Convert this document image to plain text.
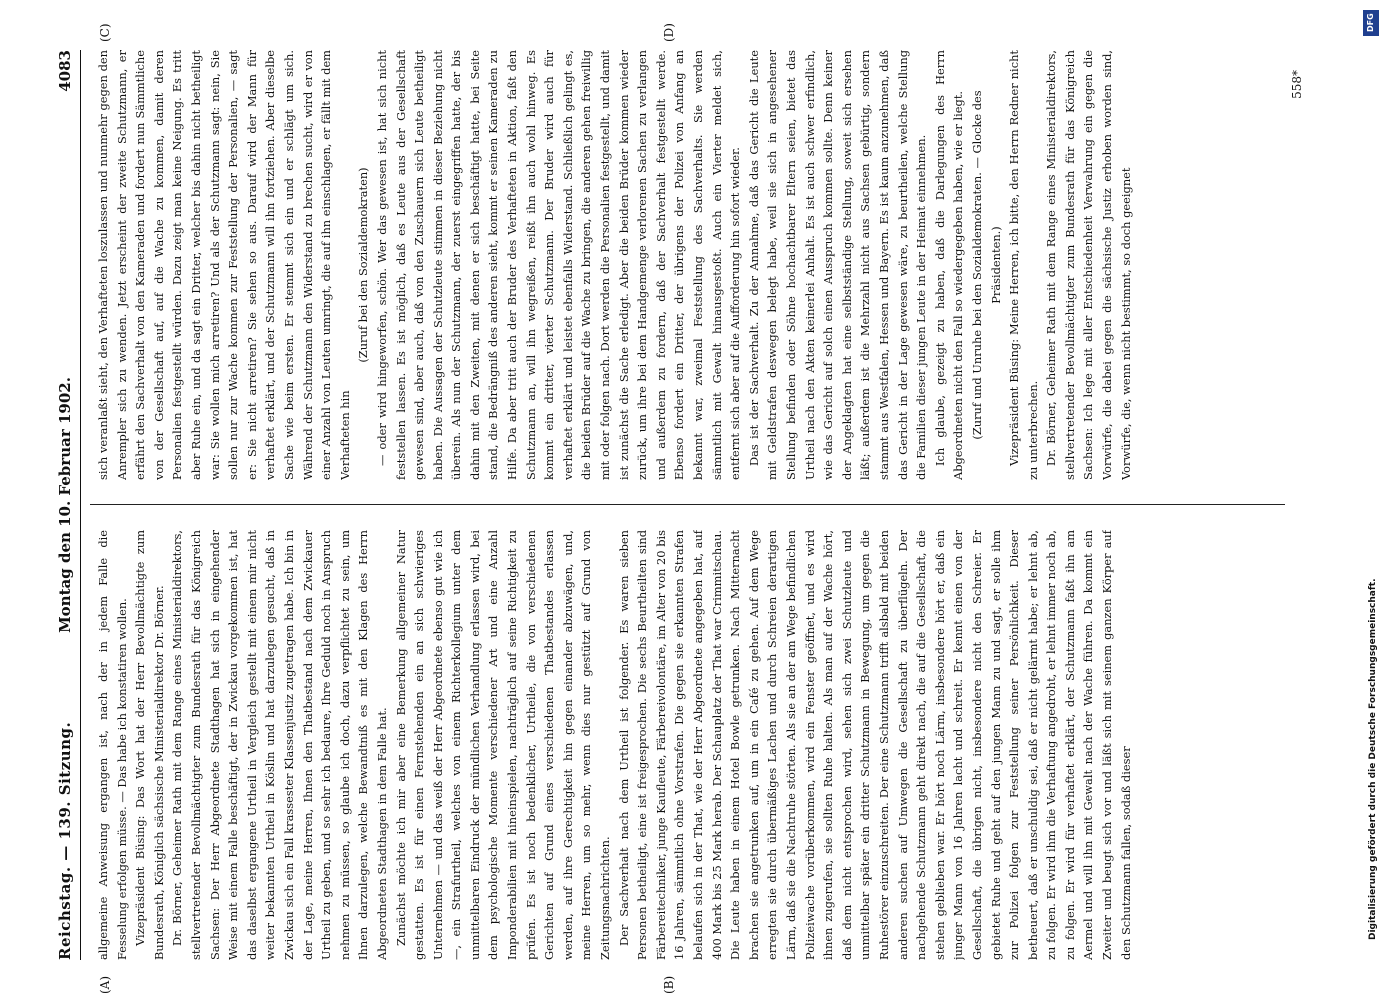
Reichstag. — 139. Sitzung.
Montag den 10. Februar 1902.
4083
(A)	(B)
(C)	(D)

allgemeine Anweisung ergangen ist, nach der in jedem Falle die Fesselung erfolgen müsse. — Das habe ich konstatiren wollen. Vizepräsident Büsing: Das Wort hat der Herr Bevollmächtigte zum Bundesrath, Königlich sächsische Ministerialdirektor Dr. Börner. Dr. Börner, Geheimer Rath mit dem Range eines Ministerialdirektors, stellvertretender Bevollmächtigter zum Bundesrath für das Königreich Sachsen: Der Herr Abgeordnete Stadthagen hat sich in eingehender Weise mit einem Falle beschäftigt, der in Zwickau vorgekommen ist, hat das daselbst ergangene Urtheil in Vergleich gestellt mit einem mir nicht weiter bekannten Urtheil in Köslin und hat darzulegen gesucht, daß in Zwickau sich ein Fall krassester Klassenjustiz zugetragen habe. Ich bin in der Lage, meine Herren, Ihnen den Thatbestand nach dem Zwickauer Urtheil zu geben, und so sehr ich bedaure, Ihre Geduld noch in Anspruch nehmen zu müssen, so glaube ich doch, dazu verpflichtet zu sein, um Ihnen darzulegen, welche Bewandtniß es mit den Klagen des Herrn Abgeordneten Stadthagen in dem Falle hat. Zunächst möchte ich mir aber eine Bemerkung allgemeiner Natur gestatten. Es ist für einen Fernstehenden ein an sich schwieriges Unternehmen — und das weiß der Herr Abgeordnete ebenso gut wie ich —, ein Strafurtheil, welches von einem Richterkollegium unter dem unmittelbaren Eindruck der mündlichen Verhandlung erlassen wird, bei dem psychologische Momente verschiedener Art und eine Anzahl Imponderabilien mit hineinspielen, nachträglich auf seine Richtigkeit zu prüfen. Es ist noch bedenklicher, Urtheile, die von verschiedenen Gerichten auf Grund eines verschiedenen Thatbestandes erlassen werden, auf ihre Gerechtigkeit hin gegen einander abzuwägen, und, meine Herren, um so mehr, wenn dies nur gestützt auf Grund von Zeitungsnachrichten. Der Sachverhalt nach dem Urtheil ist folgender. Es waren sieben Personen betheiligt, eine ist freigesprochen. Die sechs Beurtheilten sind Färbereitechniker, junge Kaufleute, Färbereivolontäre, im Alter von 20 bis 16 Jahren, sämmtlich ohne Vorstrafen. Die gegen sie erkannten Strafen belaufen sich in der That, wie der Herr Abgeordnete angegeben hat, auf 400 Mark bis 25 Mark herab. Der Schauplatz der That war Crimmitschau. Die Leute haben in einem Hotel Bowle getrunken. Nach Mitternacht brachen sie angetrunken auf, um in ein Café zu gehen. Auf dem Wege erregten sie durch übermäßiges Lachen und durch Schreien derartigen Lärm, daß sie die Nachtruhe störten. Als sie an der am Wege befindlichen Polizeiwache vorüberkommen, wird ein Fenster geöffnet, und es wird ihnen zugerufen, sie sollten Ruhe halten. Als man auf der Wache hört, daß dem nicht entsprochen wird, sehen sich zwei Schutzleute und unmittelbar später ein dritter Schutzmann in Bewegung, um gegen die Ruhestörer einzuschreiten. Der eine Schutzmann trifft alsbald mit beiden anderen suchen auf Umwegen die Gesellschaft zu überflügeln. Der nachgehende Schutzmann geht direkt nach, die auf die Gesellschaft, die stehen geblieben war. Er hört noch Lärm, insbesondere hört er, daß ein junger Mann von 16 Jahren lacht und schreit. Er kennt einen von der Gesellschaft, die übrigen nicht, insbesondere nicht den Schreier. Er gebietet Ruhe und geht auf den jungen Mann zu und sagt, er solle ihm zur Polizei folgen zur Feststellung seiner Persönlichkeit. Dieser betheuert, daß er unschuldig sei, daß er nicht gelärmt habe; er lehnt ab, zu folgen. Er wird ihm die Verhaftung angedroht, er lehnt immer noch ab, zu folgen. Er wird für verhaftet erklärt, der Schutzmann faßt ihn am Aermel und will ihn mit Gewalt nach der Wache führen. Da kommt ein Zweiter und beugt sich vor und läßt sich mit seinem ganzen Körper auf den Schutzmann fallen, sodaß dieser

sich veranlaßt sieht, den Verhafteten loszulassen und nunmehr gegen den Anrempler sich zu wenden. Jetzt erscheint der zweite Schutzmann, er erfährt den Sachverhalt von den Kameraden und fordert nun Sämmtliche von der Gesellschaft auf, auf die Wache zu kommen, damit deren Personalien festgestellt würden. Dazu zeigt man keine Neigung. Es tritt aber Ruhe ein, und da sagt ein Dritter, welcher bis dahin nicht betheiligt war: Sie wollen mich arretiren? Und als der Schutzmann sagt: nein, Sie sollen nur zur Wache kommen zur Feststellung der Personalien, — sagt er: Sie nicht arretiren? Sie sehen so aus. Darauf wird der Mann für verhaftet erklärt, und der Schutzmann will ihn fortziehen. Aber dieselbe Sache wie beim ersten. Er stemmt sich ein und er schlägt um sich. Während der Schutzmann den Widerstand zu brechen sucht, wird er von einer Anzahl von Leuten umringt, die auf ihn einschlagen, er fällt mit dem Verhafteten hin

(Zuruf bei den Sozialdemokraten) — oder wird hingeworfen, schön. Wer das gewesen ist, hat sich nicht feststellen lassen. Es ist möglich, daß es Leute aus der Gesellschaft gewesen sind, aber auch, daß von den Zuschauern sich Leute betheiligt haben. Die Aussagen der Schutzleute stimmen in dieser Beziehung nicht überein. Als nun der Schutzmann, der zuerst eingegriffen hatte, der bis dahin mit den Zweiten, mit denen er sich beschäftigt hatte, bei Seite stand, die Bedrängniß des anderen sieht, kommt er seinen Kameraden zu Hilfe. Da aber tritt auch der Bruder des Verhafteten in Aktion, faßt den Schutzmann an, will ihn wegreißen, reißt ihn auch wohl hinweg. Es kommt ein dritter, vierter Schutzmann. Der Bruder wird auch für verhaftet erklärt und leistet ebenfalls Widerstand. Schließlich gelingt es, die beiden Brüder auf die Wache zu bringen, die anderen gehen freiwillig mit oder folgen nach. Dort werden die Personalien festgestellt, und damit ist zunächst die Sache erledigt. Aber die beiden Brüder kommen wieder zurück, um ihre bei dem Handgemenge verlorenen Sachen zu verlangen und außerdem zu fordern, daß der Sachverhalt festgestellt werde. Ebenso fordert ein Dritter, der übrigens der Polizei von Anfang an bekannt war, zweimal Feststellung des Sachverhalts. Sie werden sämmtlich mit Gewalt hinausgestoßt. Auch ein Vierter meldet sich, entfernt sich aber auf die Aufforderung hin sofort wieder. Das ist der Sachverhalt. Zu der Annahme, daß das Gericht die Leute mit Geldstrafen deswegen belegt habe, weil sie sich in angesehener Stellung befinden oder Söhne hochachtbarer Eltern seien, bietet das Urtheil nach den Akten keinerlei Anhalt. Es ist auch schwer erfindlich, wie das Gericht auf solch einen Ausspruch kommen sollte. Denn keiner der Angeklagten hat eine selbstständige Stellung, soweit sich ersehen läßt; außerdem ist die Mehrzahl nicht aus Sachsen gebürtig, sondern stammt aus Westfalen, Hessen und Bayern. Es ist kaum anzunehmen, daß das Gericht in der Lage gewesen wäre, zu beurtheilen, welche Stellung die Familien dieser jungen Leute in der Heimat einnehmen. Ich glaube, gezeigt zu haben, daß die Darlegungen des Herrn Abgeordneten nicht den Fall so wiedergegeben haben, wie er liegt. (Zuruf und Unruhe bei den Sozialdemokraten. — Glocke des Präsidenten.) Vizepräsident Büsing: Meine Herren, ich bitte, den Herrn Redner nicht zu unterbrechen. Dr. Börner, Geheimer Rath mit dem Range eines Ministerialdirektors, stellvertretender Bevollmächtigter zum Bundesrath für das Königreich Sachsen: Ich lege mit aller Entschiedenheit Verwahrung ein gegen die Vorwürfe, die dabei gegen die sächsische Justiz erhoben worden sind, Vorwürfe, die, wenn nicht bestimmt, so doch geeignet

558*
DFG
Digitalisierung gefördert durch die Deutsche Forschungsgemeinschaft.
